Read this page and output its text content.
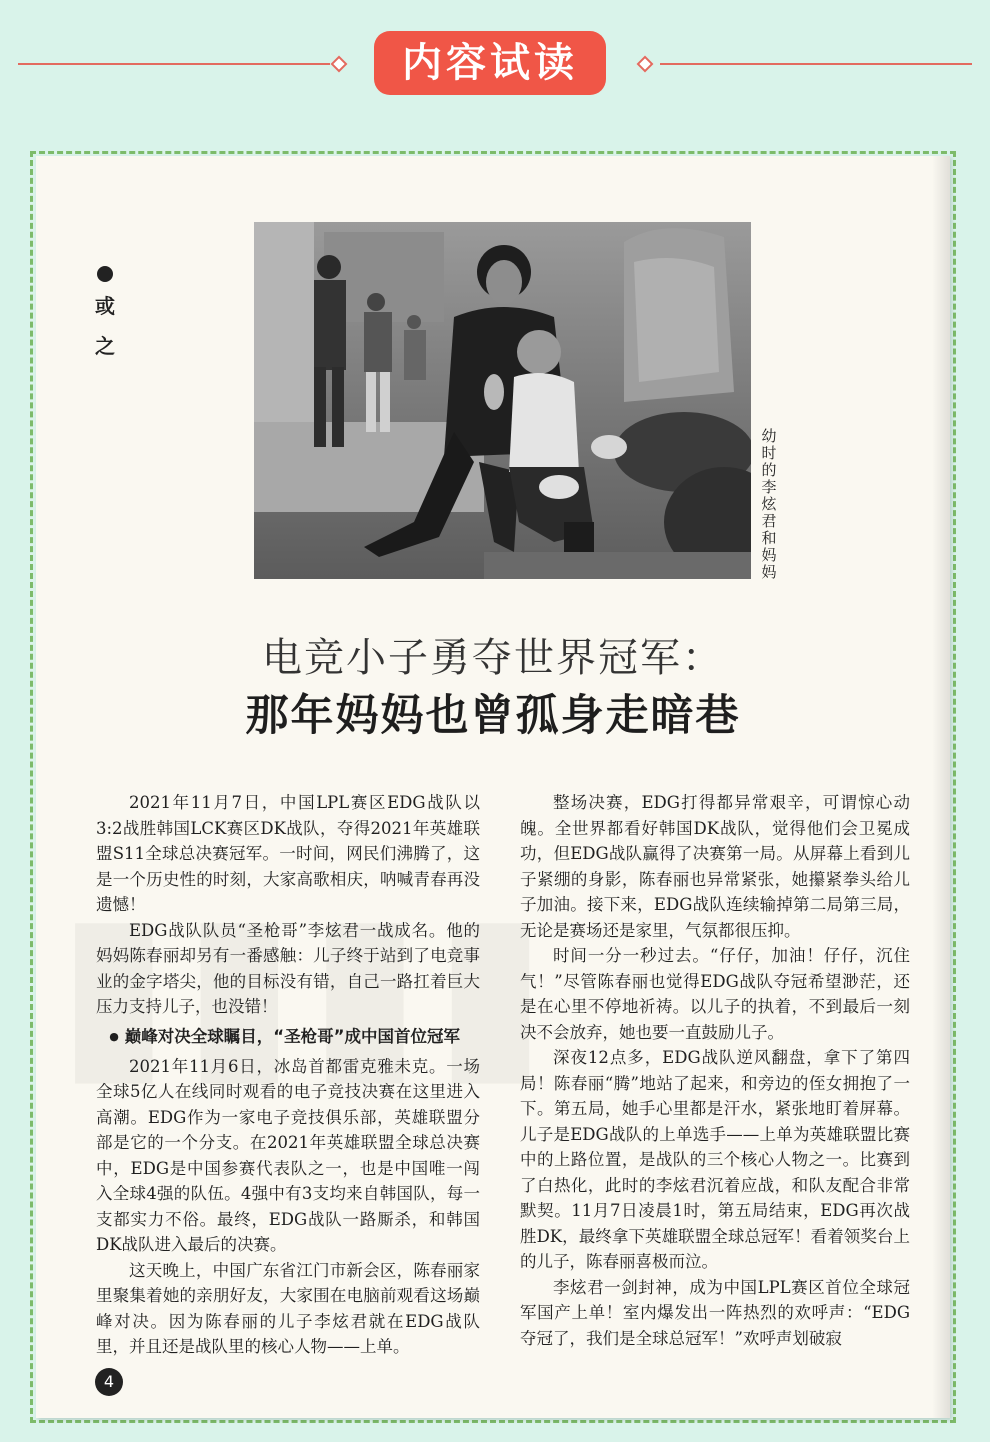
内容试读
或
之
幼时的李炫君和妈妈
电竞小子勇夺世界冠军：
那年妈妈也曾孤身走暗巷

2021年11月7日，中国LPL赛区EDG战队以3:2战胜韩国LCK赛区DK战队，夺得2021年英雄联盟S11全球总决赛冠军。一时间，网民们沸腾了，这是一个历史性的时刻，大家高歌相庆，呐喊青春再没遗憾！

EDG战队队员“圣枪哥”李炫君一战成名。他的妈妈陈春丽却另有一番感触：儿子终于站到了电竞事业的金字塔尖，他的目标没有错，自己一路扛着巨大压力支持儿子，也没错！

● 巅峰对决全球瞩目，“圣枪哥”成中国首位冠军

2021年11月6日，冰岛首都雷克雅未克。一场全球5亿人在线同时观看的电子竞技决赛在这里进入高潮。EDG作为一家电子竞技俱乐部，英雄联盟分部是它的一个分支。在2021年英雄联盟全球总决赛中，EDG是中国参赛代表队之一，也是中国唯一闯入全球4强的队伍。4强中有3支均来自韩国队，每一支都实力不俗。最终，EDG战队一路厮杀，和韩国DK战队进入最后的决赛。

这天晚上，中国广东省江门市新会区，陈春丽家里聚集着她的亲朋好友，大家围在电脑前观看这场巅峰对决。因为陈春丽的儿子李炫君就在EDG战队里，并且还是战队里的核心人物——上单。

整场决赛，EDG打得都异常艰辛，可谓惊心动魄。全世界都看好韩国DK战队，觉得他们会卫冕成功，但EDG战队赢得了决赛第一局。从屏幕上看到儿子紧绷的身影，陈春丽也异常紧张，她攥紧拳头给儿子加油。接下来，EDG战队连续输掉第二局第三局，无论是赛场还是家里，气氛都很压抑。

时间一分一秒过去。“仔仔，加油！仔仔，沉住气！”尽管陈春丽也觉得EDG战队夺冠希望渺茫，还是在心里不停地祈祷。以儿子的执着，不到最后一刻决不会放弃，她也要一直鼓励儿子。

深夜12点多，EDG战队逆风翻盘，拿下了第四局！陈春丽“腾”地站了起来，和旁边的侄女拥抱了一下。第五局，她手心里都是汗水，紧张地盯着屏幕。儿子是EDG战队的上单选手——上单为英雄联盟比赛中的上路位置，是战队的三个核心人物之一。比赛到了白热化，此时的李炫君沉着应战，和队友配合非常默契。11月7日凌晨1时，第五局结束，EDG再次战胜DK，最终拿下英雄联盟全球总冠军！看着领奖台上的儿子，陈春丽喜极而泣。

李炫君一剑封神，成为中国LPL赛区首位全球冠军国产上单！室内爆发出一阵热烈的欢呼声：“EDG夺冠了，我们是全球总冠军！”欢呼声划破寂

4
